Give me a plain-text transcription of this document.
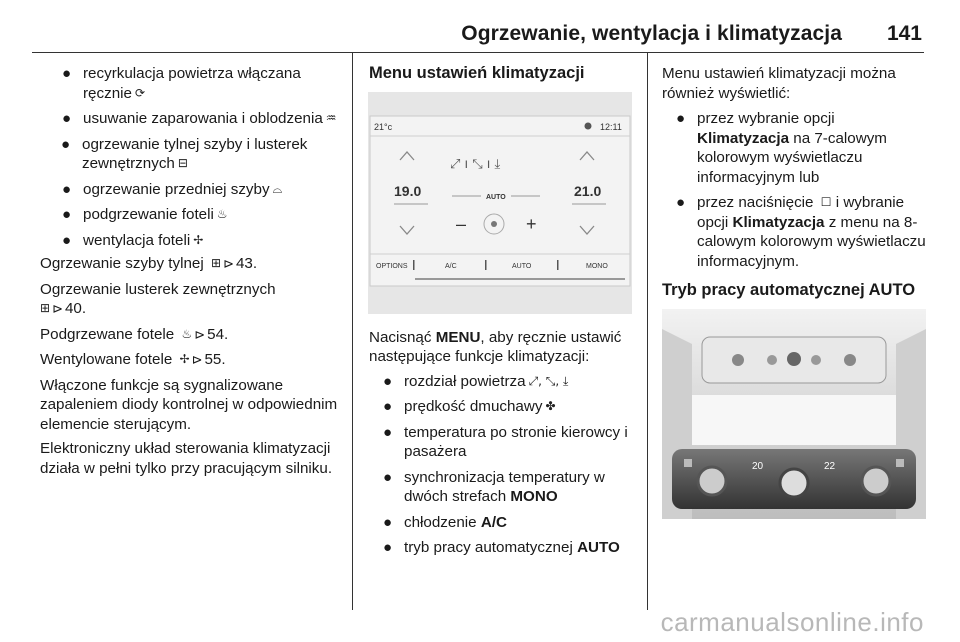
Ogrzewanie, wentylacja i klimatyzacja 141
● recyrkulacja powietrza włączana ręcznie ⟳
● usuwanie zaparowania i oblodzenia ♒
● ogrzewanie tylnej szyby i lusterek zewnętrznych ⊟
● ogrzewanie przedniej szyby ⌓
● podgrzewanie foteli ♨
● wentylacja foteli ✢

Ogrzewanie szyby tylnej ⊞ ⊳ 43.

Ogrzewanie lusterek zewnętrznych
⊞ ⊳ 40.

Podgrzewane fotele ♨ ⊳ 54.

Wentylowane fotele ✢ ⊳ 55.

Włączone funkcje są sygnalizowane zapaleniem diody kontrolnej w odpowiednim elemencie sterującym.

Elektroniczny układ sterowania klimatyzacji działa w pełni tylko przy pracującym silniku.

Menu ustawień klimatyzacji
21°c	12:11
19.0	21.0
⤢ ı ⤡ ı ⤓
AUTO
–	+
OPTIONS	A/C	AUTO	MONO

Nacisnąć MENU, aby ręcznie ustawić następujące funkcje klimatyzacji:

● rozdział powietrza ⤢, ⤡, ⤓
● prędkość dmuchawy ✤
● temperatura po stronie kierowcy i pasażera
● synchronizacja temperatury w dwóch strefach MONO
● chłodzenie A/C
● tryb pracy automatycznej AUTO

Menu ustawień klimatyzacji można również wyświetlić:

● przez wybranie opcji
Klimatyzacja na 7-calowym kolorowym wyświetlaczu informacyjnym lub
● przez naciśnięcie ☐ i wybranie opcji Klimatyzacja z menu na 8-calowym kolorowym wyświetlaczu informacyjnym.
Tryb pracy automatycznej AUTO
20	22
carmanualsonline.info
